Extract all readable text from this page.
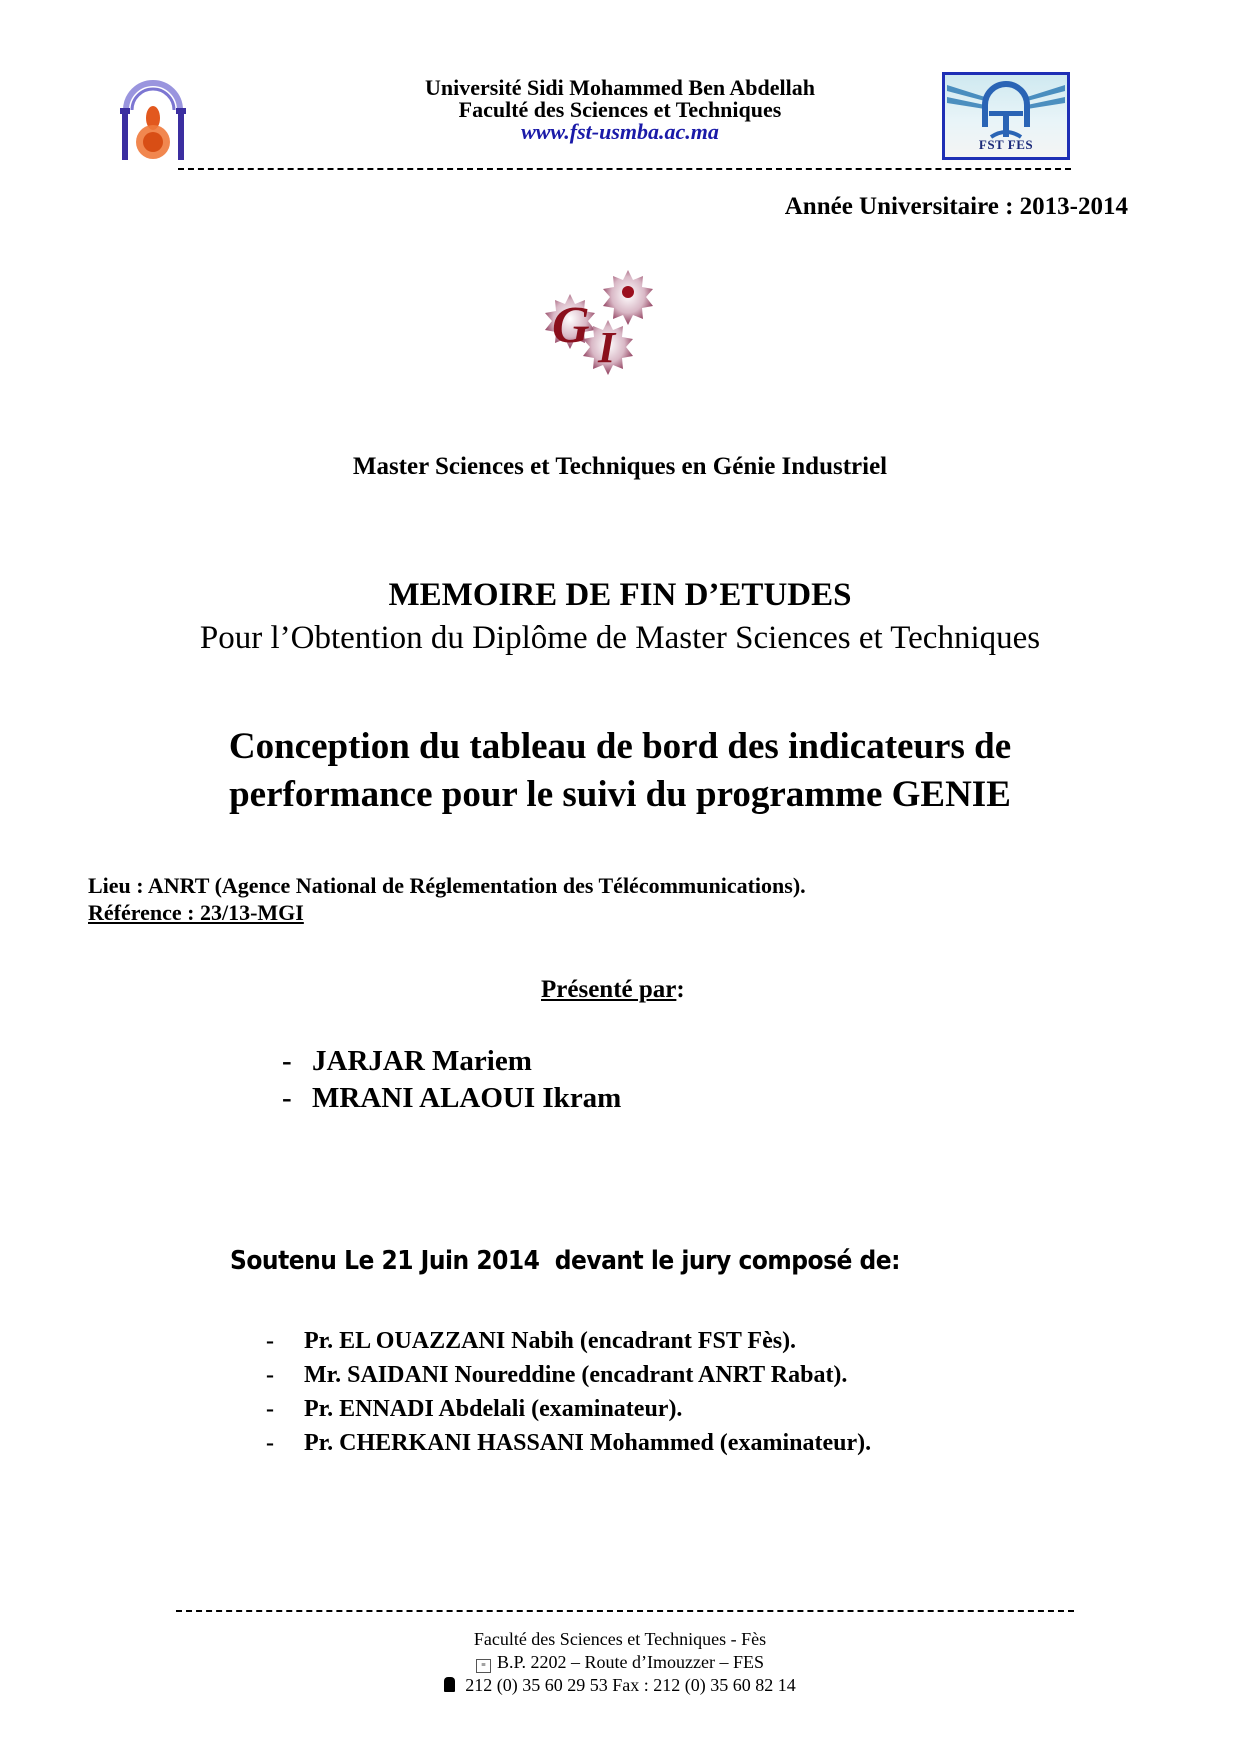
Université Sidi Mohammed Ben Abdellah
Faculté des Sciences et Techniques
www.fst-usmba.ac.ma
FST FES
Année Universitaire : 2013-2014
G I
Master Sciences et Techniques en Génie Industriel
MEMOIRE DE FIN D’ETUDES
Pour l’Obtention du Diplôme de Master Sciences et Techniques
Conception du tableau de bord des indicateurs de
performance pour le suivi du programme GENIE
Lieu : ANRT (Agence National de Réglementation des Télécommunications).
Référence : 23/13-MGI
Présenté par:
- JARJAR Mariem
- MRANI ALAOUI Ikram
Soutenu Le 21 Juin 2014  devant le jury composé de:
- Pr. EL OUAZZANI Nabih (encadrant FST Fès).
- Mr. SAIDANI Noureddine (encadrant ANRT Rabat).
- Pr. ENNADI Abdelali (examinateur).
- Pr. CHERKANI HASSANI Mohammed (examinateur).
Faculté des Sciences et Techniques - Fès
≡ B.P. 2202 – Route d’Imouzzer – FES
212 (0) 35 60 29 53 Fax : 212 (0) 35 60 82 14
